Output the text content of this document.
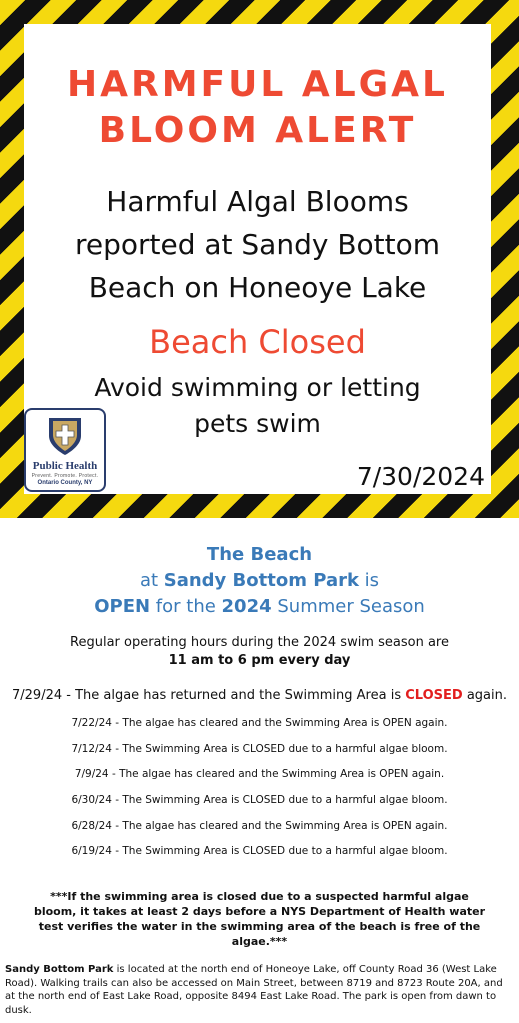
HARMFUL ALGAL
BLOOM ALERT
Harmful Algal Blooms
reported at Sandy Bottom
Beach on Honeoye Lake
Beach Closed
Avoid swimming or letting
pets swim
Public Health
Prevent. Promote. Protect.
Ontario County, NY	7/30/2024
The Beach
at Sandy Bottom Park is
OPEN for the 2024 Summer Season
Regular operating hours during the 2024 swim season are
11 am to 6 pm every day
7/29/24 - The algae has returned and the Swimming Area is CLOSED again.
7/22/24 - The algae has cleared and the Swimming Area is OPEN again.
7/12/24 - The Swimming Area is CLOSED due to a harmful algae bloom.
7/9/24 - The algae has cleared and the Swimming Area is OPEN again.
6/30/24 - The Swimming Area is CLOSED due to a harmful algae bloom.
6/28/24 - The algae has cleared and the Swimming Area is OPEN again.
6/19/24 - The Swimming Area is CLOSED due to a harmful algae bloom.
***If the swimming area is closed due to a suspected harmful algae bloom, it takes at least 2 days before a NYS Department of Health water test verifies the water in the swimming area of the beach is free of the algae.***
Sandy Bottom Park is located at the north end of Honeoye Lake, off County Road 36 (West Lake Road). Walking trails can also be accessed on Main Street, between 8719 and 8723 Route 20A, and at the north end of East Lake Road, opposite 8494 East Lake Road. The park is open from dawn to dusk.
